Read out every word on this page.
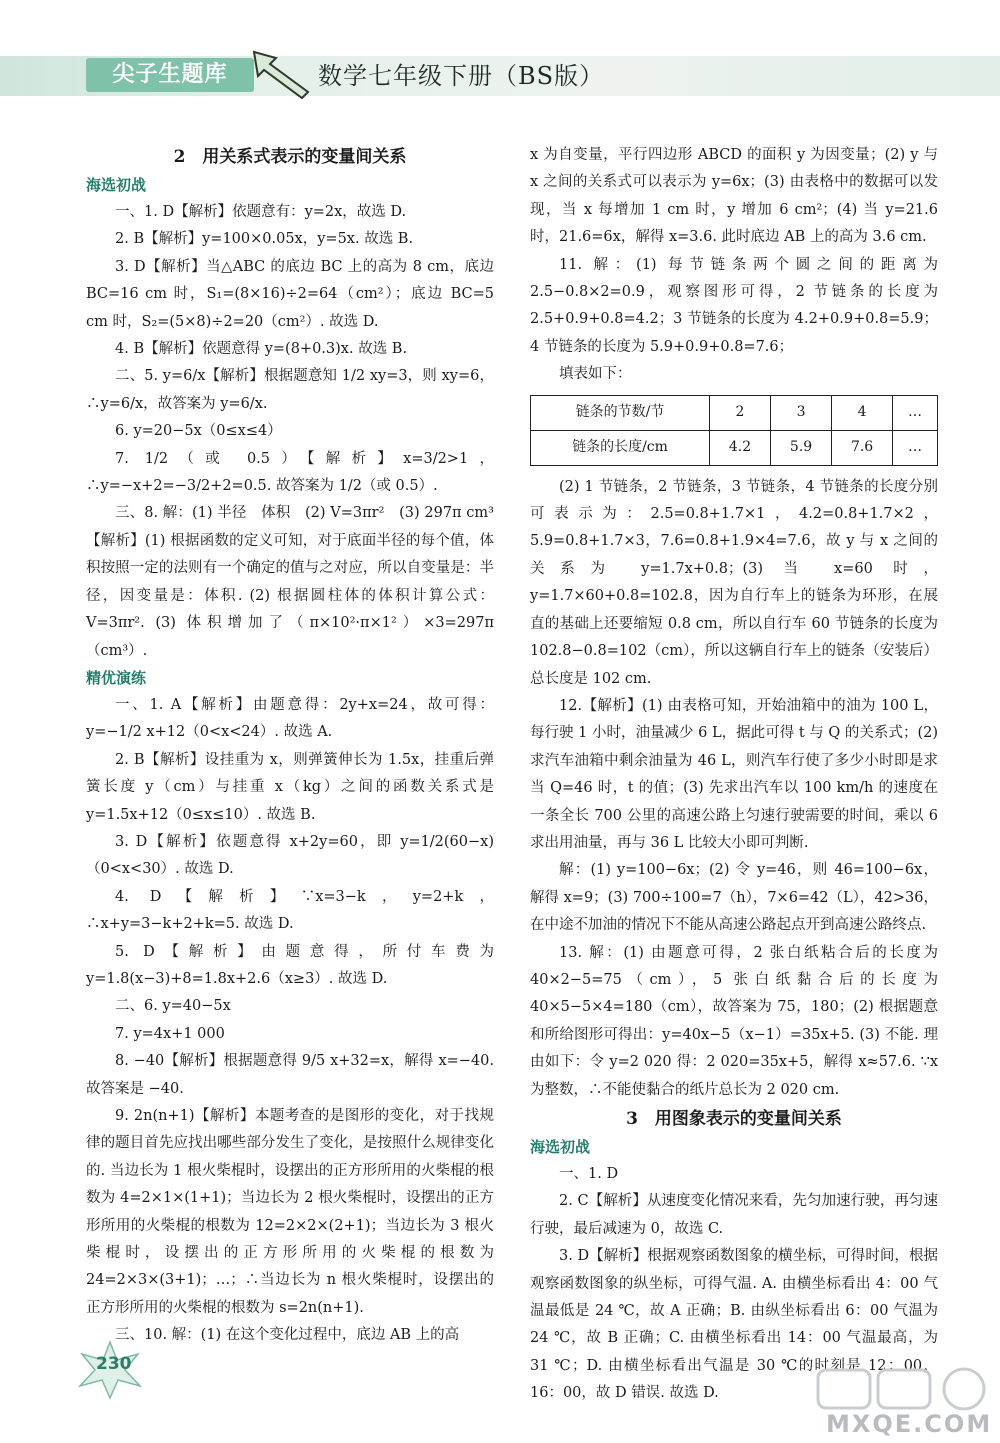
尖子生题库	数学七年级下册（BS版）

2　用关系式表示的变量间关系

海选初战

一、1. D【解析】依题意有：y=2x，故选 D.

2. B【解析】y=100×0.05x，y=5x. 故选 B.

3. D【解析】当△ABC 的底边 BC 上的高为 8 cm，底边 BC=16 cm 时，S₁=(8×16)÷2=64（cm²）；底边 BC=5 cm 时，S₂=(5×8)÷2=20（cm²）. 故选 D.

4. B【解析】依题意得 y=(8+0.3)x. 故选 B.

二、5. y=6/x【解析】根据题意知 1/2 xy=3，则 xy=6，∴y=6/x，故答案为 y=6/x.

6. y=20−5x（0≤x≤4）

7. 1/2（或 0.5）【解析】x=3/2>1，∴y=−x+2=−3/2+2=0.5. 故答案为 1/2（或 0.5）.

三、8. 解：(1) 半径　体积　(2) V=3πr²　(3) 297π cm³【解析】(1) 根据函数的定义可知，对于底面半径的每个值，体积按照一定的法则有一个确定的值与之对应，所以自变量是：半径，因变量是：体积. (2) 根据圆柱体的体积计算公式：V=3πr². (3) 体积增加了（π×10²·π×1²）×3=297π（cm³）.

精优演练

一、1. A【解析】由题意得：2y+x=24，故可得：y=−1/2 x+12（0<x<24）. 故选 A.

2. B【解析】设挂重为 x，则弹簧伸长为 1.5x，挂重后弹簧长度 y（cm）与挂重 x（kg）之间的函数关系式是 y=1.5x+12（0≤x≤10）. 故选 B.

3. D【解析】依题意得 x+2y=60，即 y=1/2(60−x)（0<x<30）. 故选 D.

4. D【解析】∵x=3−k，y=2+k，∴x+y=3−k+2+k=5. 故选 D.

5. D【解析】由题意得，所付车费为 y=1.8(x−3)+8=1.8x+2.6（x≥3）. 故选 D.

二、6. y=40−5x

7. y=4x+1 000

8. −40【解析】根据题意得 9/5 x+32=x，解得 x=−40. 故答案是 −40.

9. 2n(n+1)【解析】本题考查的是图形的变化，对于找规律的题目首先应找出哪些部分发生了变化，是按照什么规律变化的. 当边长为 1 根火柴棍时，设摆出的正方形所用的火柴棍的根数为 4=2×1×(1+1)；当边长为 2 根火柴棍时，设摆出的正方形所用的火柴棍的根数为 12=2×2×(2+1)；当边长为 3 根火柴棍时，设摆出的正方形所用的火柴棍的根数为 24=2×3×(3+1)；…；∴当边长为 n 根火柴棍时，设摆出的正方形所用的火柴棍的根数为 s=2n(n+1).

三、10. 解：(1) 在这个变化过程中，底边 AB 上的高

x 为自变量，平行四边形 ABCD 的面积 y 为因变量；(2) y 与 x 之间的关系式可以表示为 y=6x；(3) 由表格中的数据可以发现，当 x 每增加 1 cm 时，y 增加 6 cm²；(4) 当 y=21.6 时，21.6=6x，解得 x=3.6. 此时底边 AB 上的高为 3.6 cm.

11. 解：(1) 每节链条两个圆之间的距离为 2.5−0.8×2=0.9，观察图形可得，2 节链条的长度为 2.5+0.9+0.8=4.2；3 节链条的长度为 4.2+0.9+0.8=5.9；4 节链条的长度为 5.9+0.9+0.8=7.6；

填表如下：

链条的节数/节	2	3	4	…
链条的长度/cm	4.2	5.9	7.6	…

(2) 1 节链条，2 节链条，3 节链条，4 节链条的长度分别可表示为：2.5=0.8+1.7×1，4.2=0.8+1.7×2，5.9=0.8+1.7×3，7.6=0.8+1.9×4=7.6，故 y 与 x 之间的关系为 y=1.7x+0.8；(3) 当 x=60 时，y=1.7×60+0.8=102.8，因为自行车上的链条为环形，在展直的基础上还要缩短 0.8 cm，所以自行车 60 节链条的长度为 102.8−0.8=102（cm），所以这辆自行车上的链条（安装后）总长度是 102 cm.

12.【解析】(1) 由表格可知，开始油箱中的油为 100 L，每行驶 1 小时，油量减少 6 L，据此可得 t 与 Q 的关系式；(2) 求汽车油箱中剩余油量为 46 L，则汽车行使了多少小时即是求当 Q=46 时，t 的值；(3) 先求出汽车以 100 km/h 的速度在一条全长 700 公里的高速公路上匀速行驶需要的时间，乘以 6 求出用油量，再与 36 L 比较大小即可判断.

解：(1) y=100−6x；(2) 令 y=46，则 46=100−6x，解得 x=9；(3) 700÷100=7（h），7×6=42（L），42>36，在中途不加油的情况下不能从高速公路起点开到高速公路终点.

13. 解：(1) 由题意可得，2 张白纸粘合后的长度为 40×2−5=75（cm），5 张白纸黏合后的长度为 40×5−5×4=180（cm），故答案为 75，180；(2) 根据题意和所给图形可得出：y=40x−5（x−1）=35x+5. (3) 不能. 理由如下：令 y=2 020 得：2 020=35x+5，解得 x≈57.6. ∵x 为整数，∴不能使黏合的纸片总长为 2 020 cm.

3　用图象表示的变量间关系

海选初战

一、1. D

2. C【解析】从速度变化情况来看，先匀加速行驶，再匀速行驶，最后减速为 0，故选 C.

3. D【解析】根据观察函数图象的横坐标，可得时间，根据观察函数图象的纵坐标，可得气温. A. 由横坐标看出 4：00 气温最低是 24 ℃，故 A 正确；B. 由纵坐标看出 6：00 气温为 24 ℃，故 B 正确；C. 由横坐标看出 14：00 气温最高，为 31 ℃；D. 由横坐标看出气温是 30 ℃的时刻是 12：00，16：00，故 D 错误. 故选 D.

230
MXQE.COM
